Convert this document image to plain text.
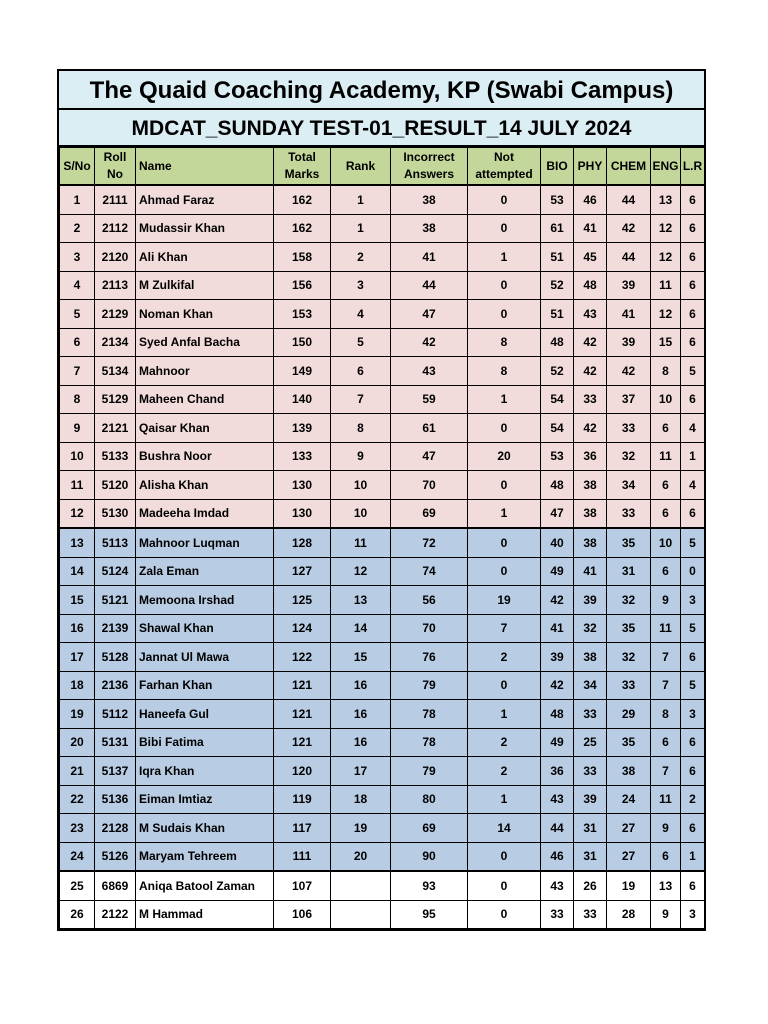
The Quaid Coaching Academy, KP (Swabi Campus)
MDCAT_SUNDAY TEST-01_RESULT_14 JULY 2024
S/No	Roll No	Name	Total Marks	Rank	Incorrect Answers	Not attempted	BIO	PHY	CHEM	ENG	L.R
1	2111	Ahmad Faraz	162	1	38	0	53	46	44	13	6
2	2112	Mudassir Khan	162	1	38	0	61	41	42	12	6
3	2120	Ali Khan	158	2	41	1	51	45	44	12	6
4	2113	M Zulkifal	156	3	44	0	52	48	39	11	6
5	2129	Noman Khan	153	4	47	0	51	43	41	12	6
6	2134	Syed Anfal Bacha	150	5	42	8	48	42	39	15	6
7	5134	Mahnoor	149	6	43	8	52	42	42	8	5
8	5129	Maheen Chand	140	7	59	1	54	33	37	10	6
9	2121	Qaisar Khan	139	8	61	0	54	42	33	6	4
10	5133	Bushra Noor	133	9	47	20	53	36	32	11	1
11	5120	Alisha Khan	130	10	70	0	48	38	34	6	4
12	5130	Madeeha Imdad	130	10	69	1	47	38	33	6	6
13	5113	Mahnoor Luqman	128	11	72	0	40	38	35	10	5
14	5124	Zala Eman	127	12	74	0	49	41	31	6	0
15	5121	Memoona Irshad	125	13	56	19	42	39	32	9	3
16	2139	Shawal Khan	124	14	70	7	41	32	35	11	5
17	5128	Jannat Ul Mawa	122	15	76	2	39	38	32	7	6
18	2136	Farhan Khan	121	16	79	0	42	34	33	7	5
19	5112	Haneefa Gul	121	16	78	1	48	33	29	8	3
20	5131	Bibi Fatima	121	16	78	2	49	25	35	6	6
21	5137	Iqra Khan	120	17	79	2	36	33	38	7	6
22	5136	Eiman Imtiaz	119	18	80	1	43	39	24	11	2
23	2128	M Sudais Khan	117	19	69	14	44	31	27	9	6
24	5126	Maryam Tehreem	111	20	90	0	46	31	27	6	1
25	6869	Aniqa Batool Zaman	107		93	0	43	26	19	13	6
26	2122	M Hammad	106		95	0	33	33	28	9	3
